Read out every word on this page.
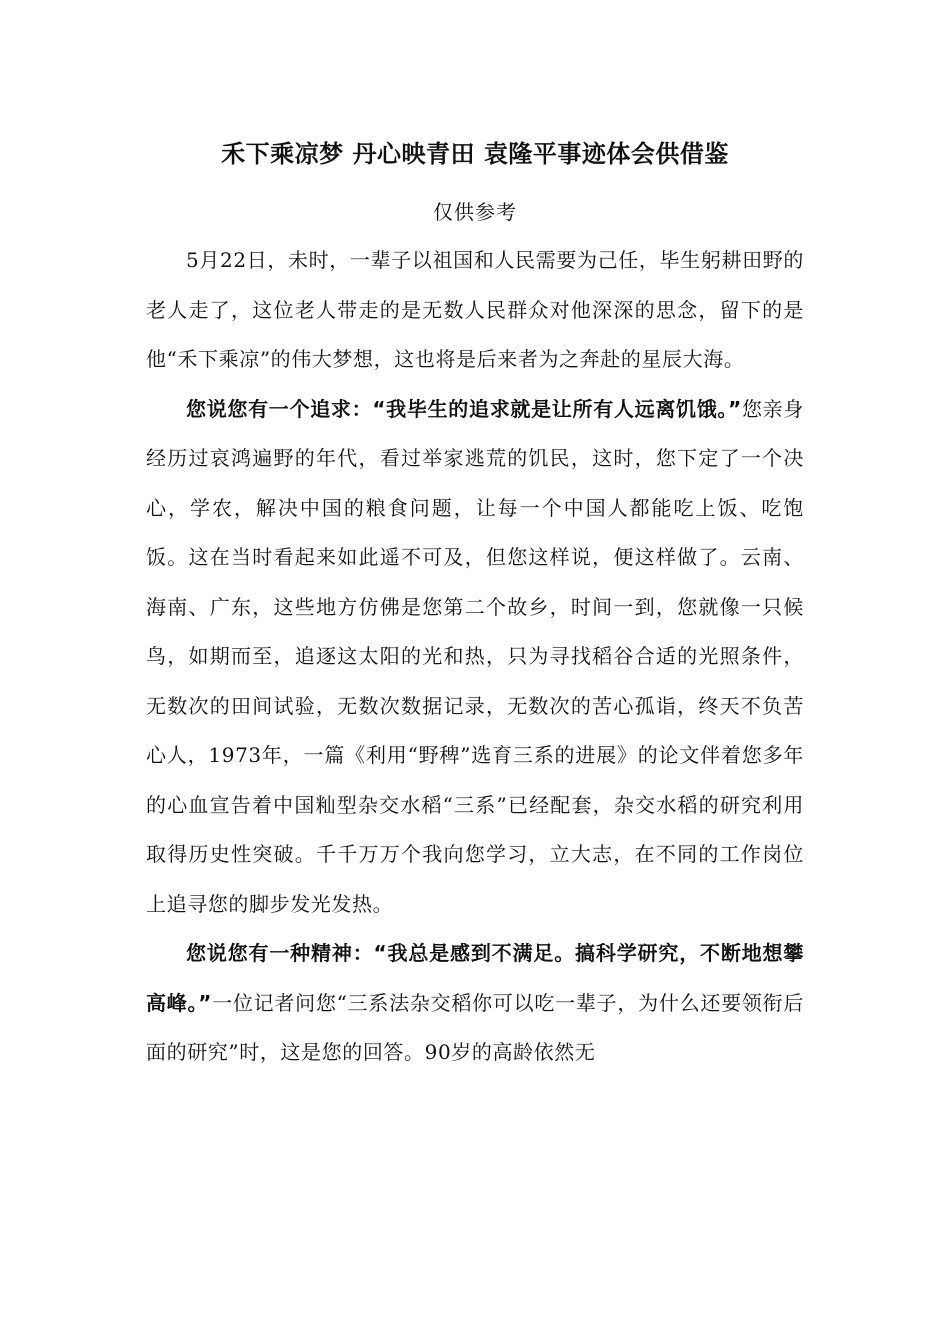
禾下乘凉梦 丹心映青田 袁隆平事迹体会供借鉴
仅供参考

5月22日，未时，一辈子以祖国和人民需要为己任，毕生躬耕田野的老人走了，这位老人带走的是无数人民群众对他深深的思念，留下的是他“禾下乘凉”的伟大梦想，这也将是后来者为之奔赴的星辰大海。

您说您有一个追求：“我毕生的追求就是让所有人远离饥饿。”您亲身经历过哀鸿遍野的年代，看过举家逃荒的饥民，这时，您下定了一个决心，学农，解决中国的粮食问题，让每一个中国人都能吃上饭、吃饱饭。这在当时看起来如此遥不可及，但您这样说，便这样做了。云南、海南、广东，这些地方仿佛是您第二个故乡，时间一到，您就像一只候鸟，如期而至，追逐这太阳的光和热，只为寻找稻谷合适的光照条件，无数次的田间试验，无数次数据记录，无数次的苦心孤诣，终天不负苦心人，1973年，一篇《利用“野稗”选育三系的进展》的论文伴着您多年的心血宣告着中国籼型杂交水稻“三系”已经配套，杂交水稻的研究利用取得历史性突破。千千万万个我向您学习，立大志，在不同的工作岗位上追寻您的脚步发光发热。

您说您有一种精神：“我总是感到不满足。搞科学研究，不断地想攀高峰。”一位记者问您“三系法杂交稻你可以吃一辈子，为什么还要领衔后面的研究”时，这是您的回答。90岁的高龄依然无
